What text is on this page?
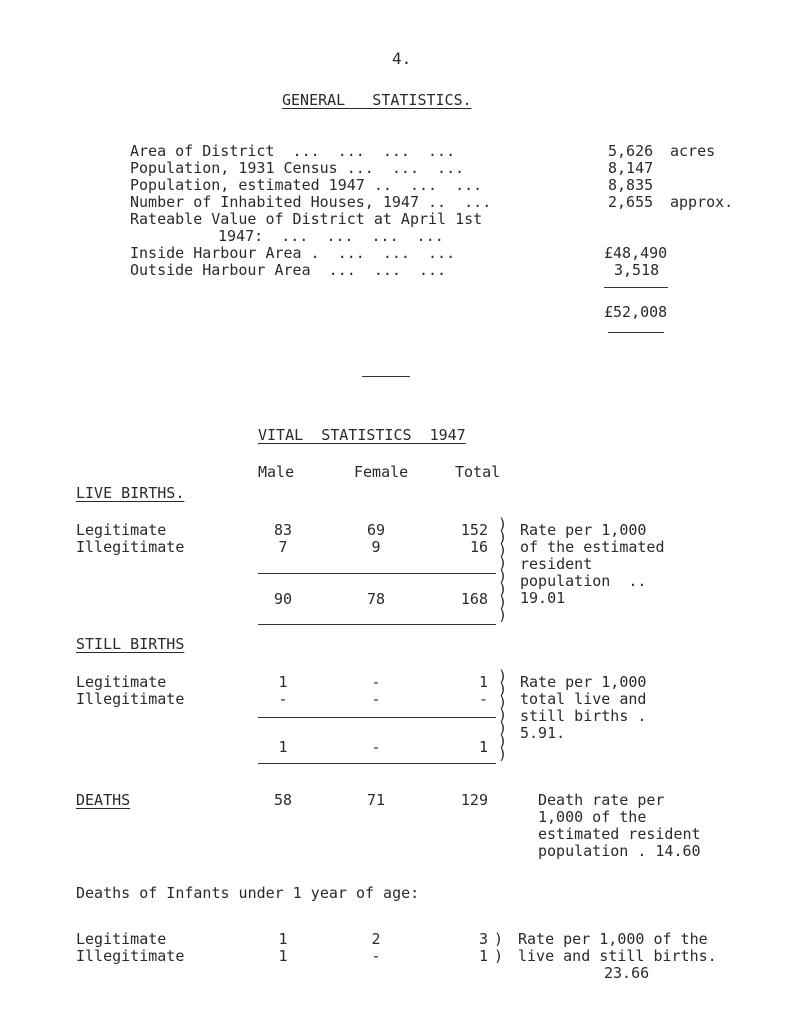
4.
GENERAL   STATISTICS.
Area of District  ...  ...  ...  ...	5,626 acres
Population, 1931 Census ...  ...  ...	8,147
Population, estimated 1947 ..  ...  ...	8,835
Number of Inhabited Houses, 1947 ..  ...	2,655 approx.
Rateable Value of District at April 1st
1947:  ...  ...  ...  ...
Inside Harbour Area .  ...  ...  ...	£48,490
Outside Harbour Area  ...  ...  ...	3,518
£52,008
VITAL  STATISTICS  1947
Male	Female	Total
LIVE BIRTHS.
Legitimate	83	69	152
Illegitimate	7	9	16
90	78	168
)
)
)
)
)
)
)
)
Rate per 1,000
of the estimated
resident
population  ..
19.01
STILL BIRTHS
Legitimate	1	-	1
Illegitimate	-	-	-
1	-	1
)
)
)
)
)
)
)
Rate per 1,000
total live and
still births .
5.91.
DEATHS	58	71	129	Death rate per
1,000 of the
estimated resident
population . 14.60
Deaths of Infants under 1 year of age:
Legitimate	1	2	3
Illegitimate	1	-	1
)
)
Rate per 1,000 of the
live and still births.
23.66
